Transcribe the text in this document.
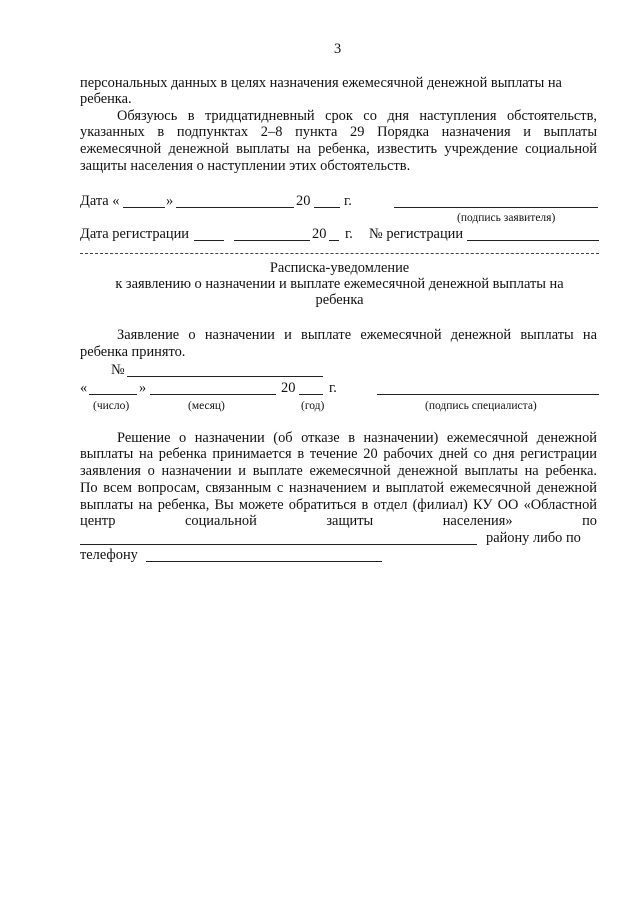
3
персональных данных в целях назначения ежемесячной денежной выплаты на
ребенка.
Обязуюсь в тридцатидневный срок со дня наступления обстоятельств,
указанных в подпунктах 2–8 пункта 29 Порядка назначения и выплаты
ежемесячной денежной выплаты на ребенка, известить учреждение социальной
защиты населения о наступлении этих обстоятельств.
Дата «	»	20 г.
(подпись заявителя)
Дата регистрации	20 г. № регистрации
Расписка-уведомление
к заявлению о назначении и выплате ежемесячной денежной выплаты на
ребенка
Заявление о назначении и выплате ежемесячной денежной выплаты на
ребенка принято.
№
«	»	20 г.
(число)	(месяц)	(год)	(подпись специалиста)
Решение о назначении (об отказе в назначении) ежемесячной денежной
выплаты на ребенка принимается в течение 20 рабочих дней со дня регистрации
заявления о назначении и выплате ежемесячной денежной выплаты на ребенка.
По всем вопросам, связанным с назначением и выплатой ежемесячной денежной
выплаты на ребенка, Вы можете обратиться в отдел (филиал) КУ ОО «Областной
центр социальной защиты населения» по
району либо по
телефону
